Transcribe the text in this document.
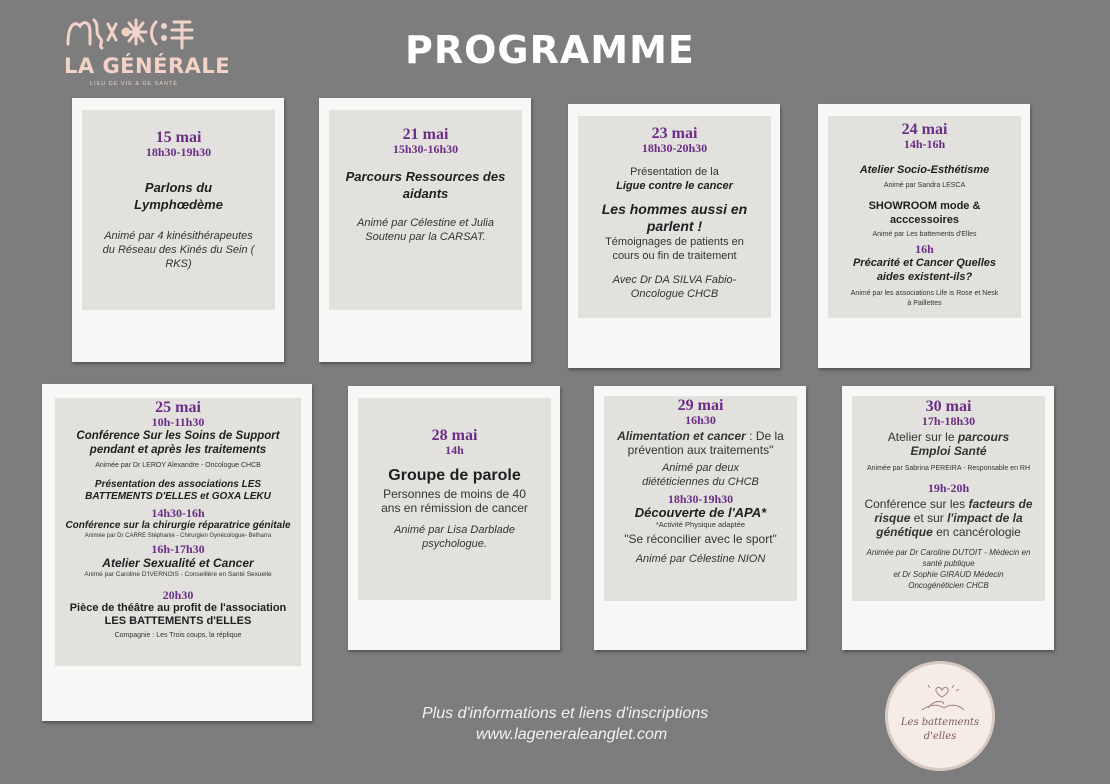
LA GÉNÉRALE
LIEU DE VIE & DE SANTÉ
PROGRAMME

15 mai

18h30-19h30

Parlons du Lymphœdème

Animé par 4 kinésithérapeutes du Réseau des Kinés du Sein ( RKS)

21 mai

15h30-16h30

Parcours Ressources des aidants

Animé par Célestine et Julia Soutenu par la CARSAT.

23 mai

18h30-20h30

Présentation de la

Ligue contre le cancer

Les hommes aussi en parlent !

Témoignages de patients en cours ou fin de traitement

Avec Dr DA SILVA Fabio- Oncologue CHCB

24 mai

14h-16h

Atelier Socio-Esthétisme

Animé par Sandra LESCA

SHOWROOM mode & acccessoires

Animé par Les battements d'Elles

16h

Précarité et Cancer Quelles aides existent-ils?

Animé par les associations Life is Rose et Nesk à Paillettes

25 mai

10h-11h30

Conférence Sur les Soins de Support pendant et après les traitements

Animée par Dr LEROY Alexandre - Oncologue CHCB

Présentation des associations LES BATTEMENTS D'ELLES et GOXA LEKU

14h30-16h

Conférence sur la chirurgie réparatrice génitale

Animée par Dr CARRE Stéphanie - Chirurgien Gynécologue- Belharra

16h-17h30

Atelier Sexualité et Cancer

Animé par Caroline D'IVERNOIS - Conseillère en Santé Sexuelle

20h30

Pièce de théâtre au profit de l'association LES BATTEMENTS d'ELLES

Compagnie : Les Trois coups, la réplique

28 mai

14h

Groupe de parole

Personnes de moins de 40 ans en rémission de cancer

Animé par Lisa Darblade psychologue.

29 mai

16h30

Alimentation et cancer : De la prévention aux traitements"

Animé par deux diététiciennes du CHCB

18h30-19h30

Découverte de l'APA*

*Activité Physique adaptée

"Se réconcilier avec le sport"

Animé par Célestine NION

30 mai

17h-18h30

Atelier sur le parcours Emploi Santé

Animée par Sabrina PEREIRA - Responsable en RH

19h-20h

Conférence sur les facteurs de risque et sur l'impact de la génétique en cancérologie

Animée par Dr Caroline DUTOIT - Médecin en santé publique

et Dr Sophie GIRAUD Médecin Oncogénéticien CHCB

Plus d'informations et liens d'inscriptions
www.lageneraleanglet.com
Les battements
d'elles
